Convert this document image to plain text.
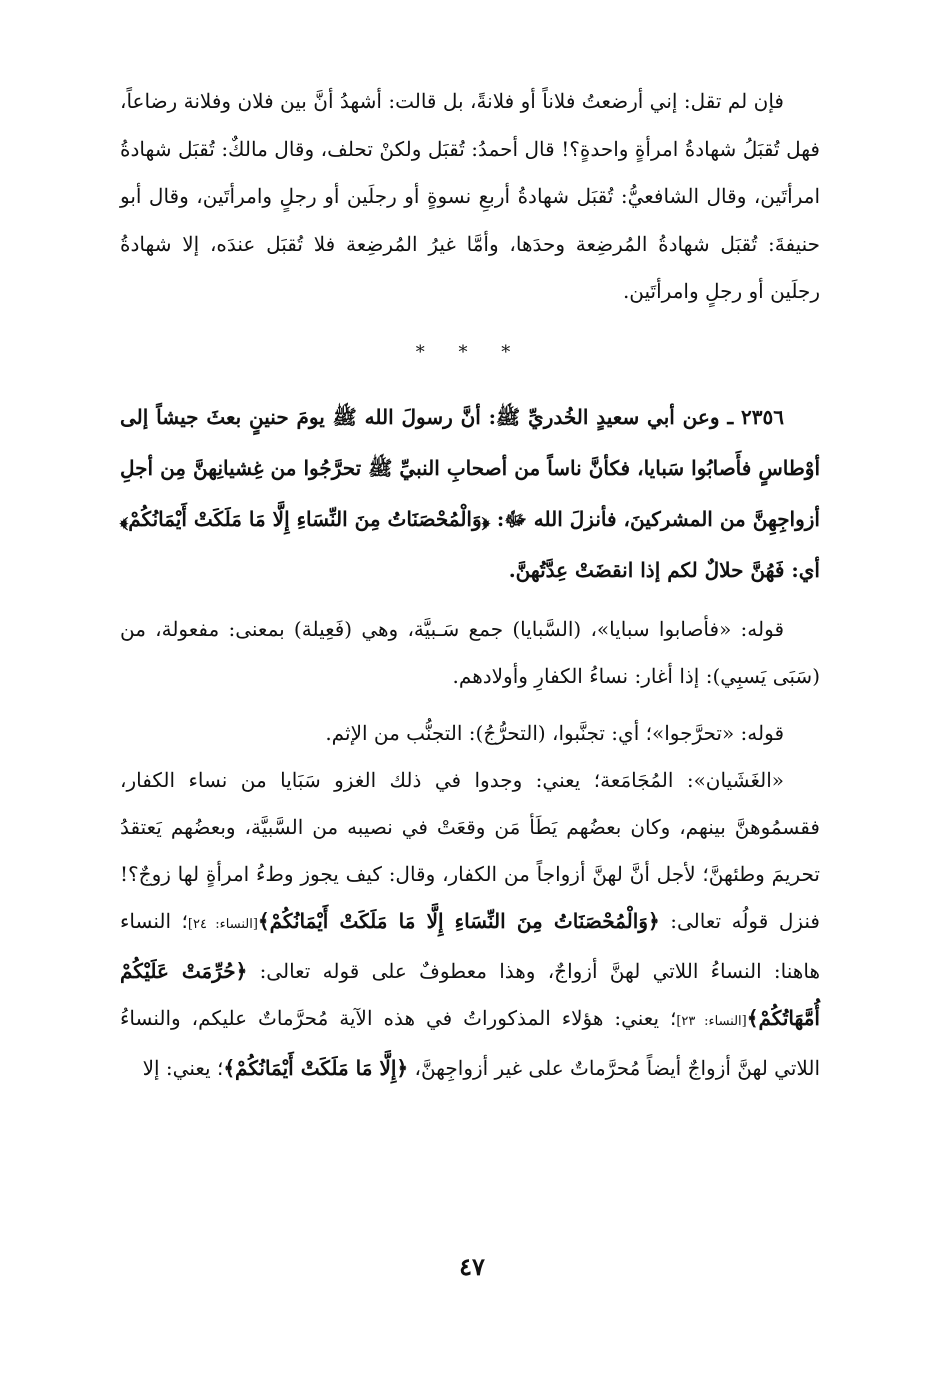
فإن لم تقل: إني أرضعتُ فلاناً أو فلانةً، بل قالت: أشهدُ أنَّ بين فلان وفلانة رضاعاً، فهل تُقبَلُ شهادةُ امرأةٍ واحدةٍ؟! قال أحمدُ: تُقبَل ولكنْ تحلف، وقال مالكٌ: تُقبَل شهادةُ امرأتَين، وقال الشافعيُّ: تُقبَل شهادةُ أربعِ نسوةٍ أو رجلَين أو رجلٍ وامرأتَين، وقال أبو حنيفةَ: تُقبَل شهادةُ المُرضِعة وحدَها، وأمَّا غيرُ المُرضِعة فلا تُقبَل عندَه، إلا شهادةُ رجلَين أو رجلٍ وامرأتَين.

* * *

٢٣٥٦ ـ وعن أبي سعيدٍ الخُدريِّ ﷺ: أنَّ رسولَ الله ﷺ يومَ حنينٍ بعثَ جيشاً إلى أوْطاسٍ فأَصابُوا سَبايا، فكأنَّ ناساً من أصحابِ النبيِّ ﷺ تحرَّجُوا من غِشيانِهنَّ مِن أجلِ أزواجِهِنَّ من المشركينَ، فأنزلَ الله ﷻ: ﴿وَالْمُحْصَنَاتُ مِنَ النِّسَاءِ إِلَّا مَا مَلَكَتْ أَيْمَانُكُمْ﴾ أي: فَهُنَّ حلالٌ لكم إذا انقضَتْ عِدَّتُهنَّ.

قوله: «فأصابوا سبايا»، (السَّبايا) جمع سَـبيَّة، وهي (فَعِيلة) بمعنى: مفعولة، من (سَبَى يَسبِي): إذا أغار: نساءُ الكفارِ وأولادهم.

قوله: «تحرَّجوا»؛ أي: تجنَّبوا، (التحرُّجُ): التجنُّب من الإثم.

«الغَشَيان»: المُجَامَعة؛ يعني: وجدوا في ذلك الغزو سَبَايا من نساء الكفار، فقسمُوهنَّ بينهم، وكان بعضُهم يَطَأ مَن وقعَتْ في نصيبه من السَّبيَّة، وبعضُهم يَعتقدُ تحريمَ وطئهنَّ؛ لأجل أنَّ لهنَّ أزواجاً من الكفار، وقال: كيف يجوز وطءُ امرأةٍ لها زوجٌ؟! فنزل قولُه تعالى: ﴿وَالْمُحْصَنَاتُ مِنَ النِّسَاءِ إِلَّا مَا مَلَكَتْ أَيْمَانُكُمْ﴾[النساء: ٢٤]؛ النساء هاهنا: النساءُ اللاتي لهنَّ أزواجٌ، وهذا معطوفٌ على قوله تعالى: ﴿حُرِّمَتْ عَلَيْكُمْ أُمَّهَاتُكُمْ﴾[النساء: ٢٣]؛ يعني: هؤلاء المذكوراتُ في هذه الآية مُحرَّماتٌ عليكم، والنساءُ اللاتي لهنَّ أزواجٌ أيضاً مُحرَّماتٌ على غير أزواجِهنَّ، ﴿إِلَّا مَا مَلَكَتْ أَيْمَانُكُمْ﴾؛ يعني: إلا

٤٧
